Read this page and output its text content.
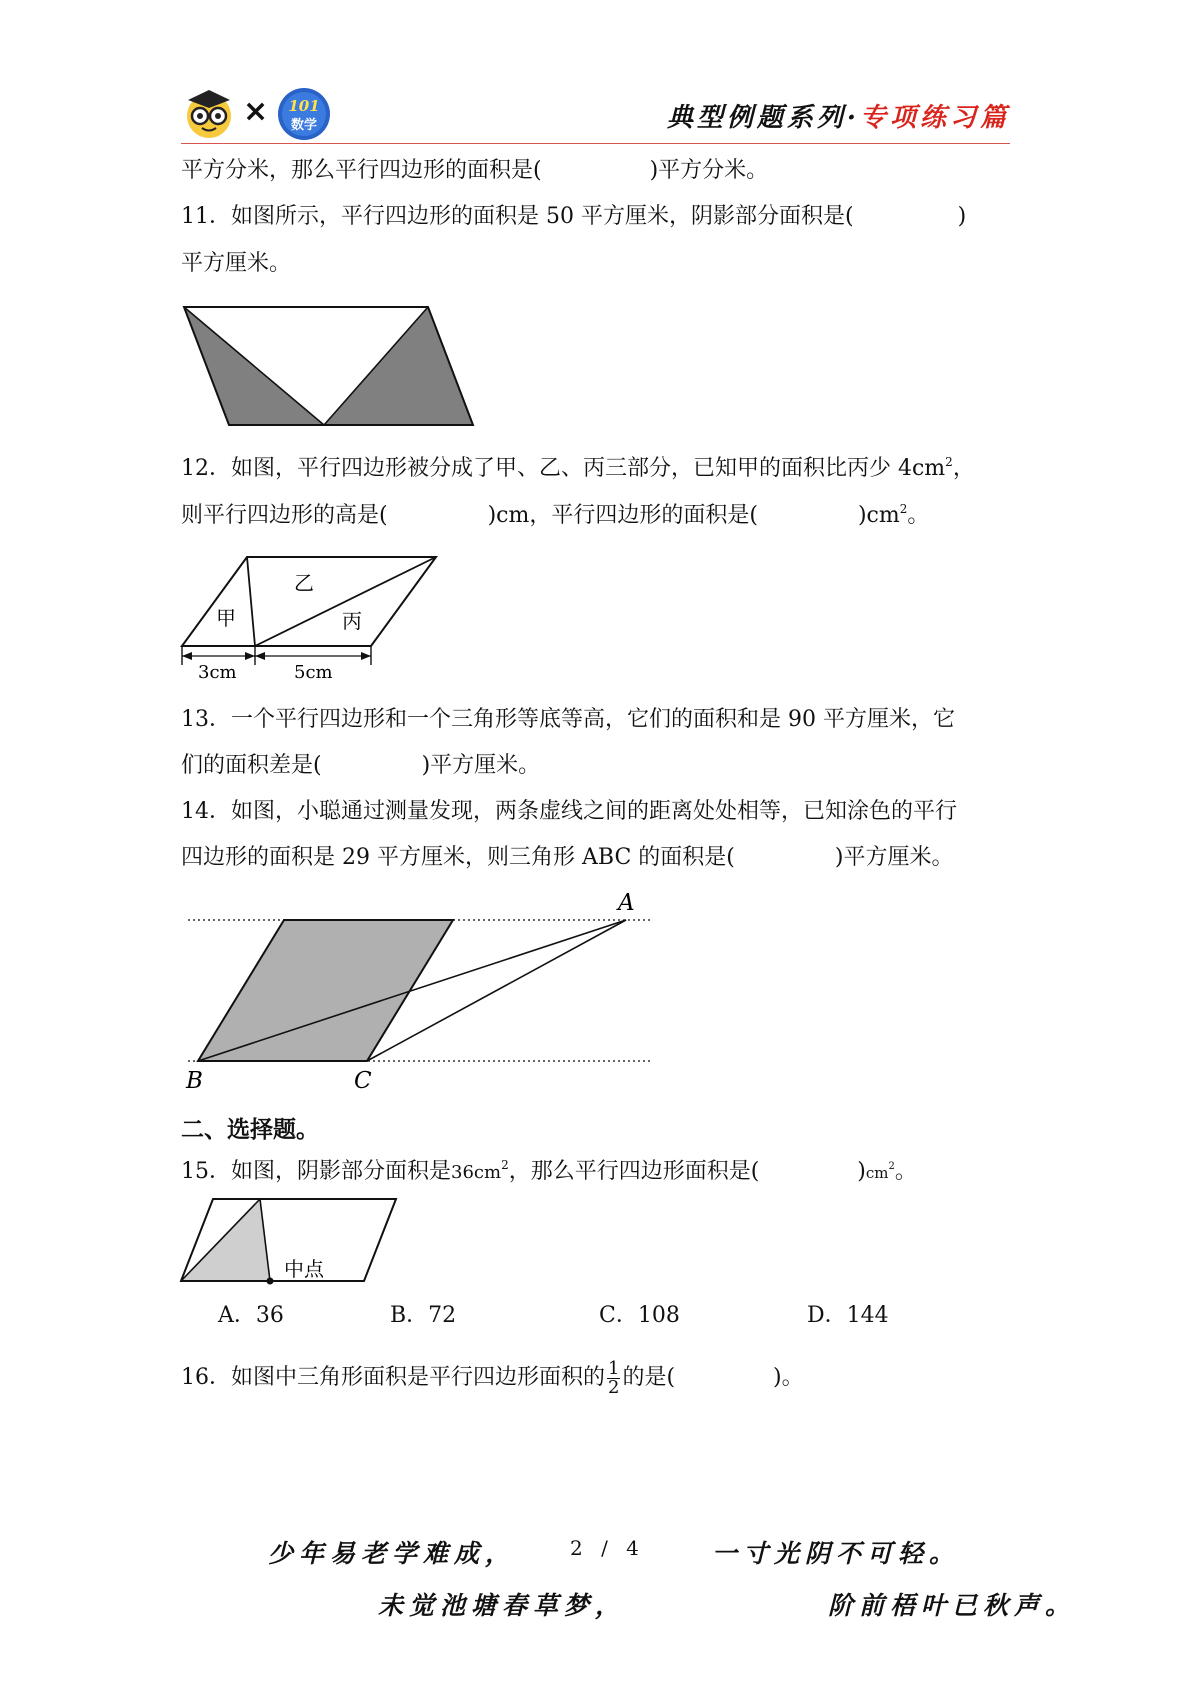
× 101
数学	典型例题系列·专项练习篇
平方分米，那么平行四边形的面积是(	)平方分米。
11．如图所示，平行四边形的面积是 50 平方厘米，阴影部分面积是(	)
平方厘米。
12．如图，平行四边形被分成了甲、乙、丙三部分，已知甲的面积比丙少 $4cm^2$，
则平行四边形的高是(	)cm，平行四边形的面积是(	)$cm^2$。
甲
乙
丙
3cm	5cm
13．一个平行四边形和一个三角形等底等高，它们的面积和是 90 平方厘米，它
们的面积差是(	)平方厘米。
14．如图，小聪通过测量发现，两条虚线之间的距离处处相等，已知涂色的平行
四边形的面积是 29 平方厘米，则三角形 ABC 的面积是(	)平方厘米。
A
B	C
二、选择题。
15．如图，阴影部分面积是$36cm^2$，那么平行四边形面积是(	)$cm^2$。
中点
A．36	B．72	C．108	D．144
16．如图中三角形面积是平行四边形面积的 $\frac{1}{2}$ 的是(	)。
少年易老学难成，	2 / 4	一寸光阴不可轻。
未觉池塘春草梦，	阶前梧叶已秋声。
